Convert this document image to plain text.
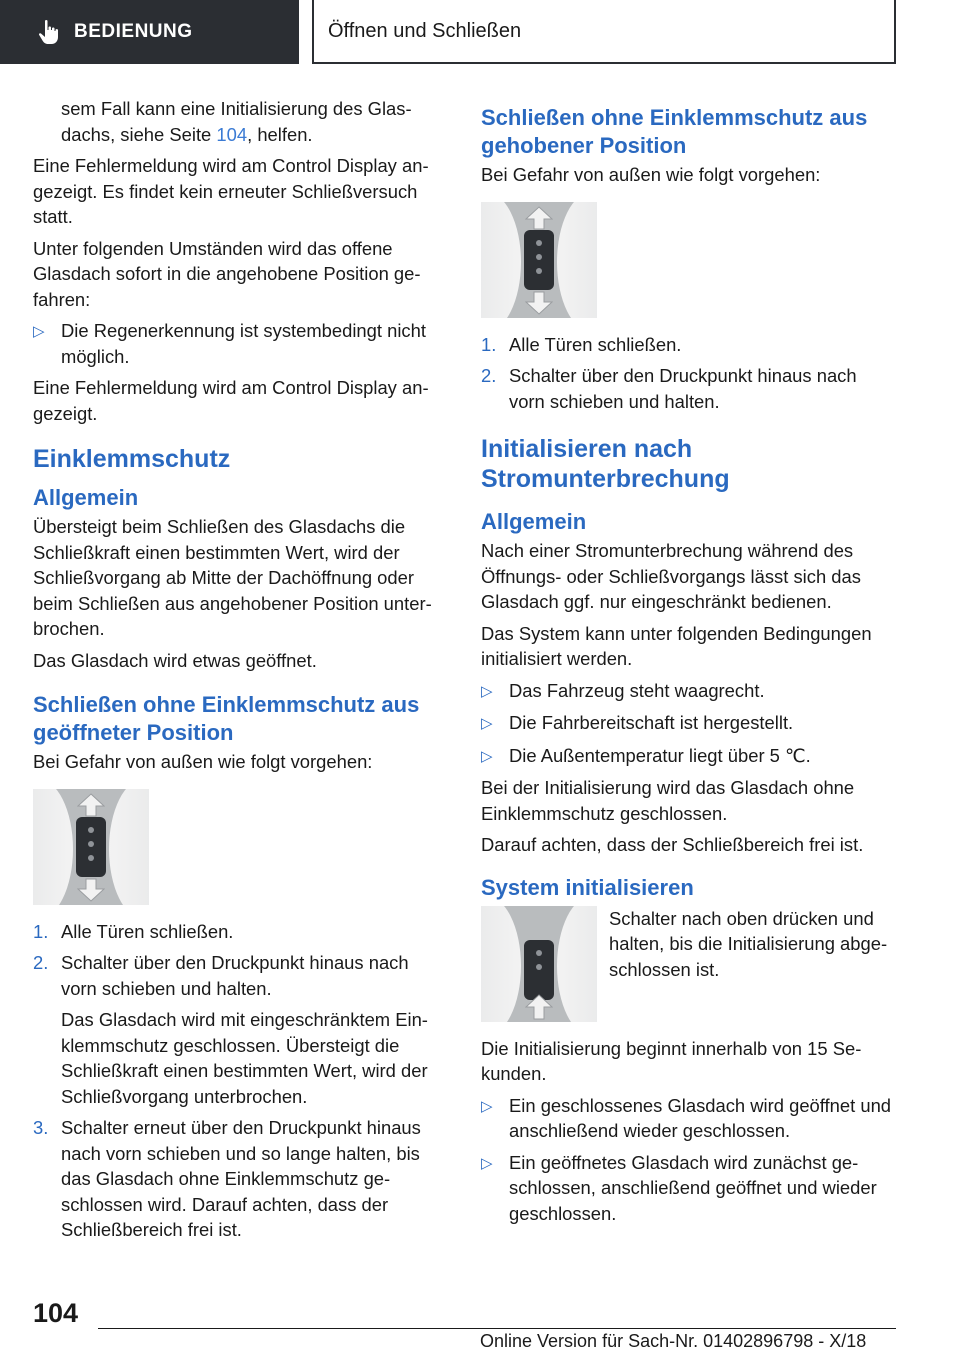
BEDIENUNG	Öffnen und Schließen

sem Fall kann eine Initialisierung des Glas-dachs, siehe Seite 104, helfen.

Eine Fehlermeldung wird am Control Display an-gezeigt. Es findet kein erneuter Schließversuch statt.

Unter folgenden Umständen wird das offene Glasdach sofort in die angehobene Position ge-fahren:

▷ Die Regenerkennung ist systembedingt nicht möglich.

Eine Fehlermeldung wird am Control Display an-gezeigt.

Einklemmschutz
Allgemein

Übersteigt beim Schließen des Glasdachs die Schließkraft einen bestimmten Wert, wird der Schließvorgang ab Mitte der Dachöffnung oder beim Schließen aus angehobener Position unter-brochen.

Das Glasdach wird etwas geöffnet.

Schließen ohne Einklemmschutz aus geöffneter Position

Bei Gefahr von außen wie folgt vorgehen:

1. Alle Türen schließen.
2. Schalter über den Druckpunkt hinaus nach vorn schieben und halten.

Das Glasdach wird mit eingeschränktem Ein-klemmschutz geschlossen. Übersteigt die Schließkraft einen bestimmten Wert, wird der Schließvorgang unterbrochen.

3. Schalter erneut über den Druckpunkt hinaus nach vorn schieben und so lange halten, bis das Glasdach ohne Einklemmschutz ge-schlossen wird. Darauf achten, dass der Schließbereich frei ist.
Schließen ohne Einklemmschutz aus gehobener Position

Bei Gefahr von außen wie folgt vorgehen:

1. Alle Türen schließen.
2. Schalter über den Druckpunkt hinaus nach vorn schieben und halten.
Initialisieren nach Stromunterbrechung
Allgemein

Nach einer Stromunterbrechung während des Öffnungs- oder Schließvorgangs lässt sich das Glasdach ggf. nur eingeschränkt bedienen.

Das System kann unter folgenden Bedingungen initialisiert werden.

▷ Das Fahrzeug steht waagrecht.
▷ Die Fahrbereitschaft ist hergestellt.
▷ Die Außentemperatur liegt über 5 ℃.

Bei der Initialisierung wird das Glasdach ohne Einklemmschutz geschlossen.

Darauf achten, dass der Schließbereich frei ist.

System initialisieren

Schalter nach oben drücken und halten, bis die Initialisierung abge-schlossen ist.

Die Initialisierung beginnt innerhalb von 15 Se-kunden.

▷ Ein geschlossenes Glasdach wird geöffnet und anschließend wieder geschlossen.
▷ Ein geöffnetes Glasdach wird zunächst ge-schlossen, anschließend geöffnet und wieder geschlossen.
104
Online Version für Sach-Nr. 01402896798 - X/18
